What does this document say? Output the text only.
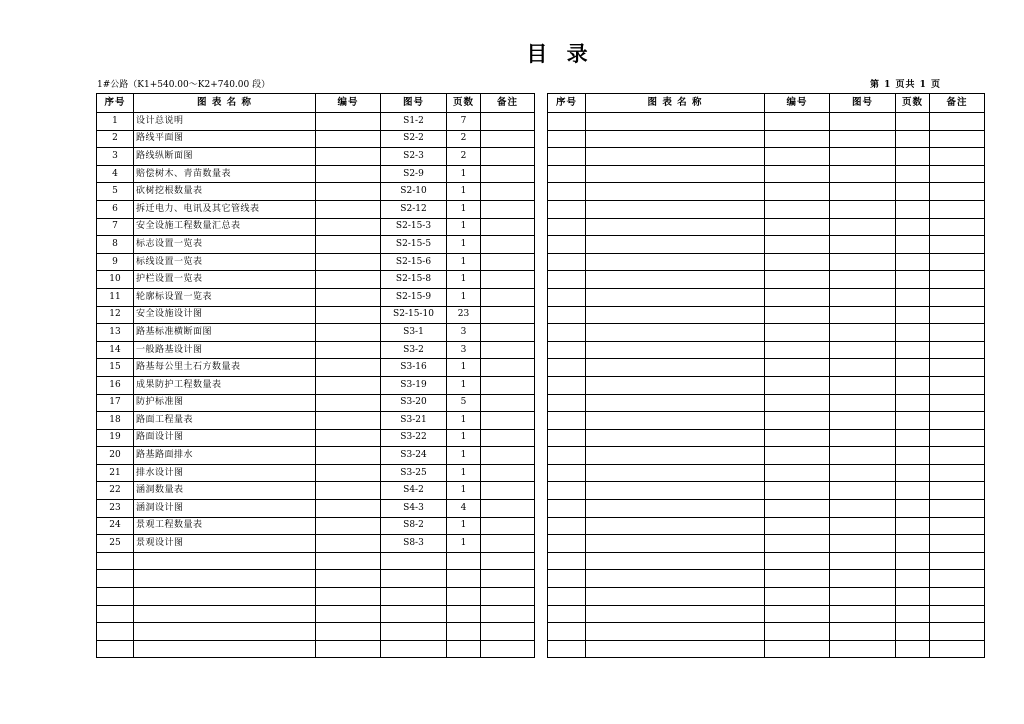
目 录
1#公路（K1+540.00～K2+740.00 段）	第 1 页共 1 页
序号	图 表 名 称	编号	图号	页数	备注
1	设计总说明		S1-2	7	
2	路线平面图		S2-2	2	
3	路线纵断面图		S2-3	2	
4	赔偿树木、青苗数量表		S2-9	1	
5	砍树挖根数量表		S2-10	1	
6	拆迁电力、电讯及其它管线表		S2-12	1	
7	安全设施工程数量汇总表		S2-15-3	1	
8	标志设置一览表		S2-15-5	1	
9	标线设置一览表		S2-15-6	1	
10	护栏设置一览表		S2-15-8	1	
11	轮廓标设置一览表		S2-15-9	1	
12	安全设施设计图		S2-15-10	23	
13	路基标准横断面图		S3-1	3	
14	一般路基设计图		S3-2	3	
15	路基每公里土石方数量表		S3-16	1	
16	成果防护工程数量表		S3-19	1	
17	防护标准图		S3-20	5	
18	路面工程量表		S3-21	1	
19	路面设计图		S3-22	1	
20	路基路面排水		S3-24	1	
21	排水设计图		S3-25	1	
22	涵洞数量表		S4-2	1	
23	涵洞设计图		S4-3	4	
24	景观工程数量表		S8-2	1	
25	景观设计图		S8-3	1	

序号	图 表 名 称	编号	图号	页数	备注
